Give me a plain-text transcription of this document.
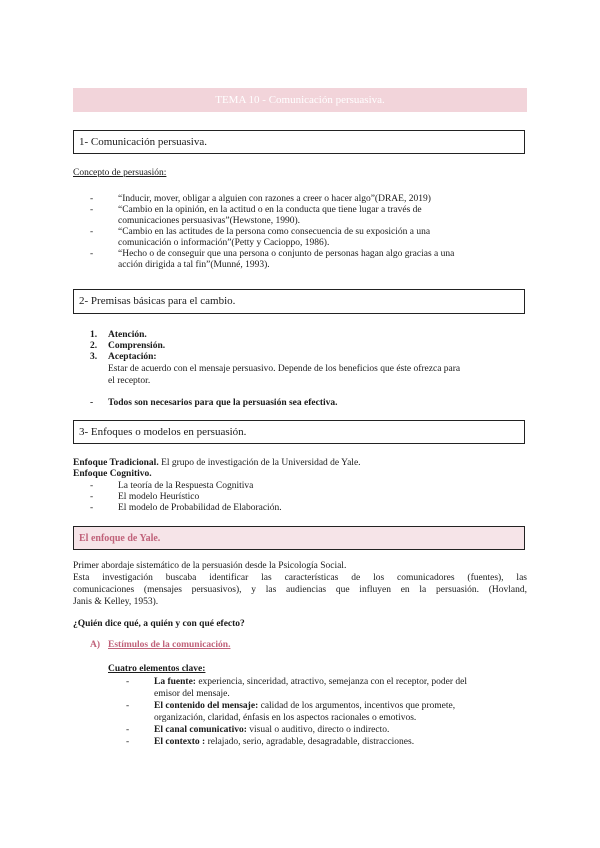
TEMA 10 - Comunicación persuasiva.
1- Comunicación persuasiva.
Concepto de persuasión:
- “Inducir, mover, obligar a alguien con razones a creer o hacer algo”(DRAE, 2019)
- “Cambio en la opinión, en la actitud o en la conducta que tiene lugar a través de
comunicaciones persuasivas”(Hewstone, 1990).
- “Cambio en las actitudes de la persona como consecuencia de su exposición a una
comunicación o información”(Petty y Cacioppo, 1986).
- “Hecho o de conseguir que una persona o conjunto de personas hagan algo gracias a una
acción dirigida a tal fin”(Munné, 1993).
2- Premisas básicas para el cambio.
1. Atención.
2. Comprensión.
3. Aceptación:
Estar de acuerdo con el mensaje persuasivo. Depende de los beneficios que éste ofrezca para
el receptor.
- Todos son necesarios para que la persuasión sea efectiva.
3- Enfoques o modelos en persuasión.
Enfoque Tradicional. El grupo de investigación de la Universidad de Yale.
Enfoque Cognitivo.
- La teoría de la Respuesta Cognitiva
- El modelo Heurístico
- El modelo de Probabilidad de Elaboración.
El enfoque de Yale.
Primer abordaje sistemático de la persuasión desde la Psicología Social.
Esta investigación buscaba identificar las características de los comunicadores (fuentes), las
comunicaciones (mensajes persuasivos), y las audiencias que influyen en la persuasión. (Hovland,
Janis & Kelley, 1953).
¿Quién dice qué, a quién y con qué efecto?
A) Estímulos de la comunicación.
Cuatro elementos clave:
- La fuente: experiencia, sinceridad, atractivo, semejanza con el receptor, poder del
emisor del mensaje.
- El contenido del mensaje: calidad de los argumentos, incentivos que promete,
organización, claridad, énfasis en los aspectos racionales o emotivos.
- El canal comunicativo: visual o auditivo, directo o indirecto.
- El contexto : relajado, serio, agradable, desagradable, distracciones.
